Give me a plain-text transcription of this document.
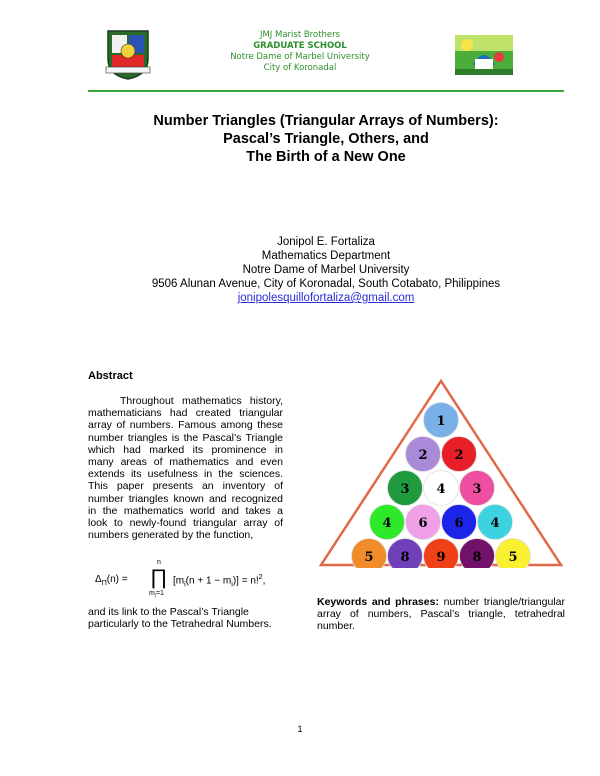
JMJ Marist Brothers
GRADUATE SCHOOL
Notre Dame of Marbel University
City of Koronadal
Number Triangles (Triangular Arrays of Numbers):
Pascal’s Triangle, Others, and
The Birth of a New One
Jonipol E. Fortaliza
Mathematics Department
Notre Dame of Marbel University
9506 Alunan Avenue, City of Koronadal, South Cotabato, Philippines
jonipolesquillofortaliza@gmail.com
Abstract
Throughout mathematics history, mathematicians had created triangular array of numbers. Famous among these number triangles is the Pascal’s Triangle which had marked its prominence in many areas of mathematics and even extends its usefulness in the sciences. This paper presents an inventory of number triangles known and recognized in the mathematics world and takes a look to newly-found triangular array of numbers generated by the function,
$\Delta_\Pi(n)$ =
n
∏
$m_i=1$
$[m_i(n + 1 - m_i)] = n!^2$,
and its link to the Pascal’s Triangle particularly to the Tetrahedral Numbers.
1
2 2
3 4 3
4 6 6 4
5 8 9 8 5
Keywords and phrases: number triangle/triangular array of numbers, Pascal’s triangle, tetrahedral number.
1
